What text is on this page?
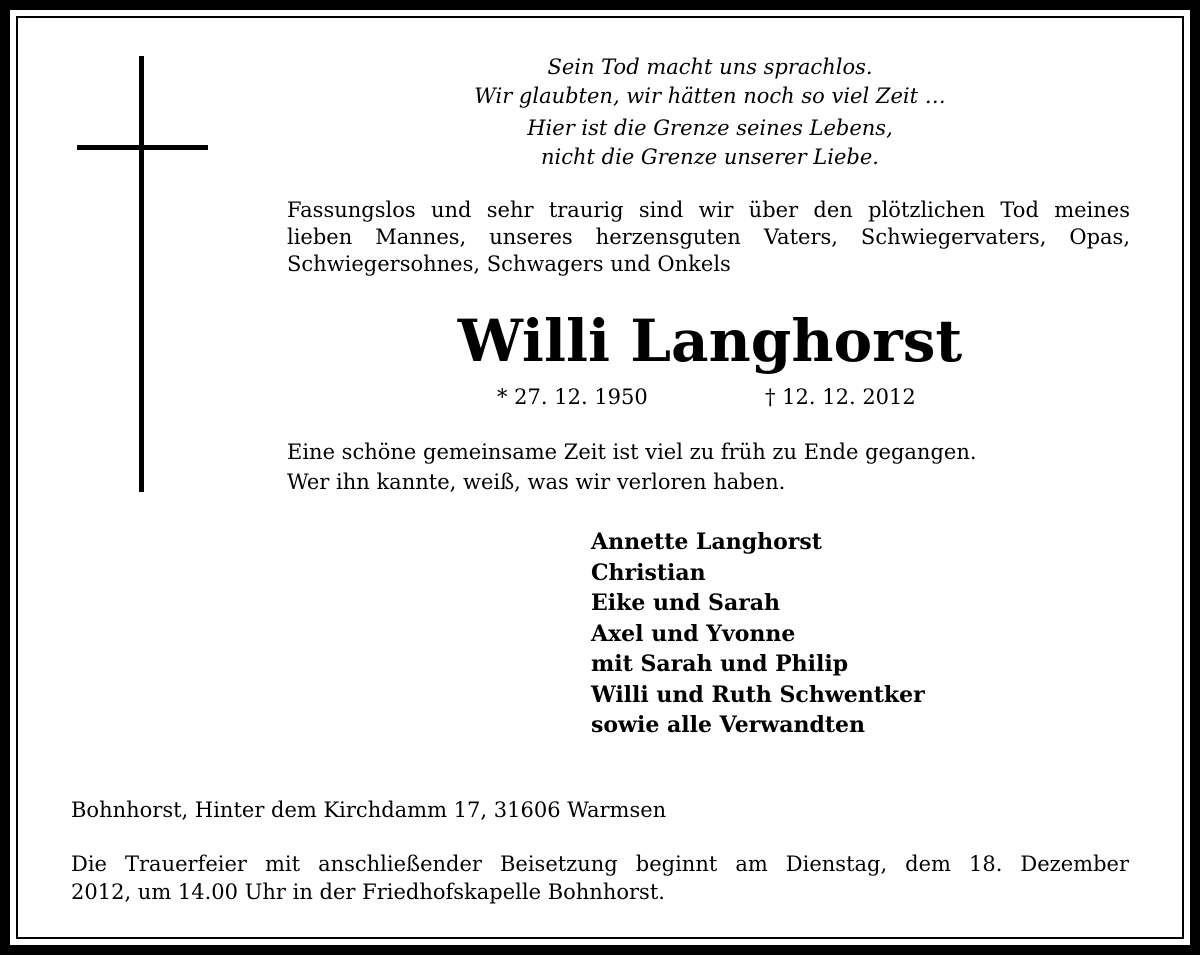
Sein Tod macht uns sprachlos.
Wir glaubten, wir hätten noch so viel Zeit …
Hier ist die Grenze seines Lebens,
nicht die Grenze unserer Liebe.
Fassungslos und sehr traurig sind wir über den plötzlichen Tod meines
lieben Mannes, unseres herzensguten Vaters, Schwiegervaters, Opas,
Schwiegersohnes, Schwagers und Onkels
Willi Langhorst
* 27. 12. 1950	† 12. 12. 2012
Eine schöne gemeinsame Zeit ist viel zu früh zu Ende gegangen.
Wer ihn kannte, weiß, was wir verloren haben.
Annette Langhorst
Christian
Eike und Sarah
Axel und Yvonne
mit Sarah und Philip
Willi und Ruth Schwentker
sowie alle Verwandten
Bohnhorst, Hinter dem Kirchdamm 17, 31606 Warmsen
Die Trauerfeier mit anschließender Beisetzung beginnt am Dienstag, dem 18. Dezember
2012, um 14.00 Uhr in der Friedhofskapelle Bohnhorst.
